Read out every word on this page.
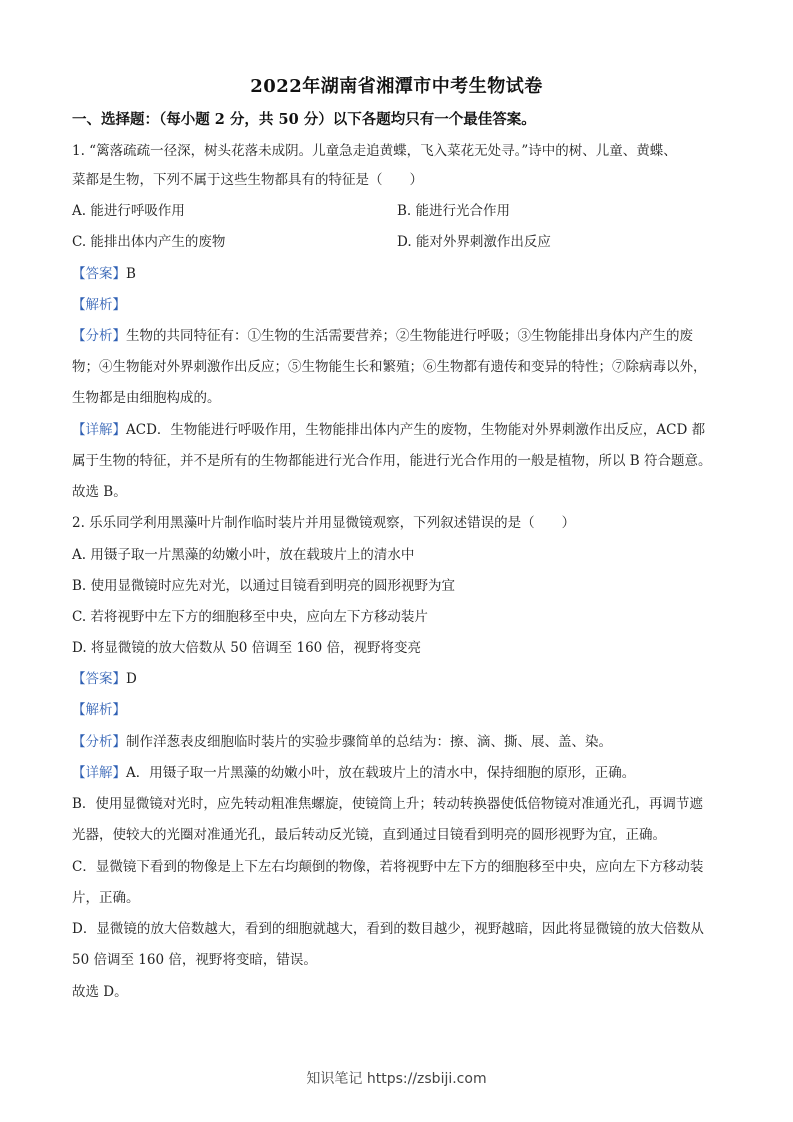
2022年湖南省湘潭市中考生物试卷
一、选择题：（每小题 2 分，共 50 分）以下各题均只有一个最佳答案。
1. “篱落疏疏一径深，树头花落未成阴。儿童急走追黄蝶，飞入菜花无处寻。”诗中的树、儿童、黄蝶、
菜都是生物，下列不属于这些生物都具有的特征是（　　）
A. 能进行呼吸作用	B. 能进行光合作用
C. 能排出体内产生的废物	D. 能对外界刺激作出反应
【答案】B
【解析】
【分析】生物的共同特征有：①生物的生活需要营养；②生物能进行呼吸；③生物能排出身体内产生的废
物；④生物能对外界刺激作出反应；⑤生物能生长和繁殖；⑥生物都有遗传和变异的特性；⑦除病毒以外，
生物都是由细胞构成的。
【详解】ACD．生物能进行呼吸作用，生物能排出体内产生的废物，生物能对外界刺激作出反应，ACD 都
属于生物的特征，并不是所有的生物都能进行光合作用，能进行光合作用的一般是植物，所以 B 符合题意。
故选 B。
2. 乐乐同学利用黑藻叶片制作临时装片并用显微镜观察，下列叙述错误的是（　　）
A. 用镊子取一片黑藻的幼嫩小叶，放在载玻片上的清水中
B. 使用显微镜时应先对光，以通过目镜看到明亮的圆形视野为宜
C. 若将视野中左下方的细胞移至中央，应向左下方移动装片
D. 将显微镜的放大倍数从 50 倍调至 160 倍，视野将变亮
【答案】D
【解析】
【分析】制作洋葱表皮细胞临时装片的实验步骤简单的总结为：擦、滴、撕、展、盖、染。
【详解】A．用镊子取一片黑藻的幼嫩小叶，放在载玻片上的清水中，保持细胞的原形，正确。
B．使用显微镜对光时，应先转动粗准焦螺旋，使镜筒上升；转动转换器使低倍物镜对准通光孔，再调节遮
光器，使较大的光圈对准通光孔，最后转动反光镜，直到通过目镜看到明亮的圆形视野为宜，正确。
C．显微镜下看到的物像是上下左右均颠倒的物像，若将视野中左下方的细胞移至中央，应向左下方移动装
片，正确。
D．显微镜的放大倍数越大，看到的细胞就越大，看到的数目越少，视野越暗，因此将显微镜的放大倍数从
50 倍调至 160 倍，视野将变暗，错误。
故选 D。
知识笔记 https://zsbiji.com
